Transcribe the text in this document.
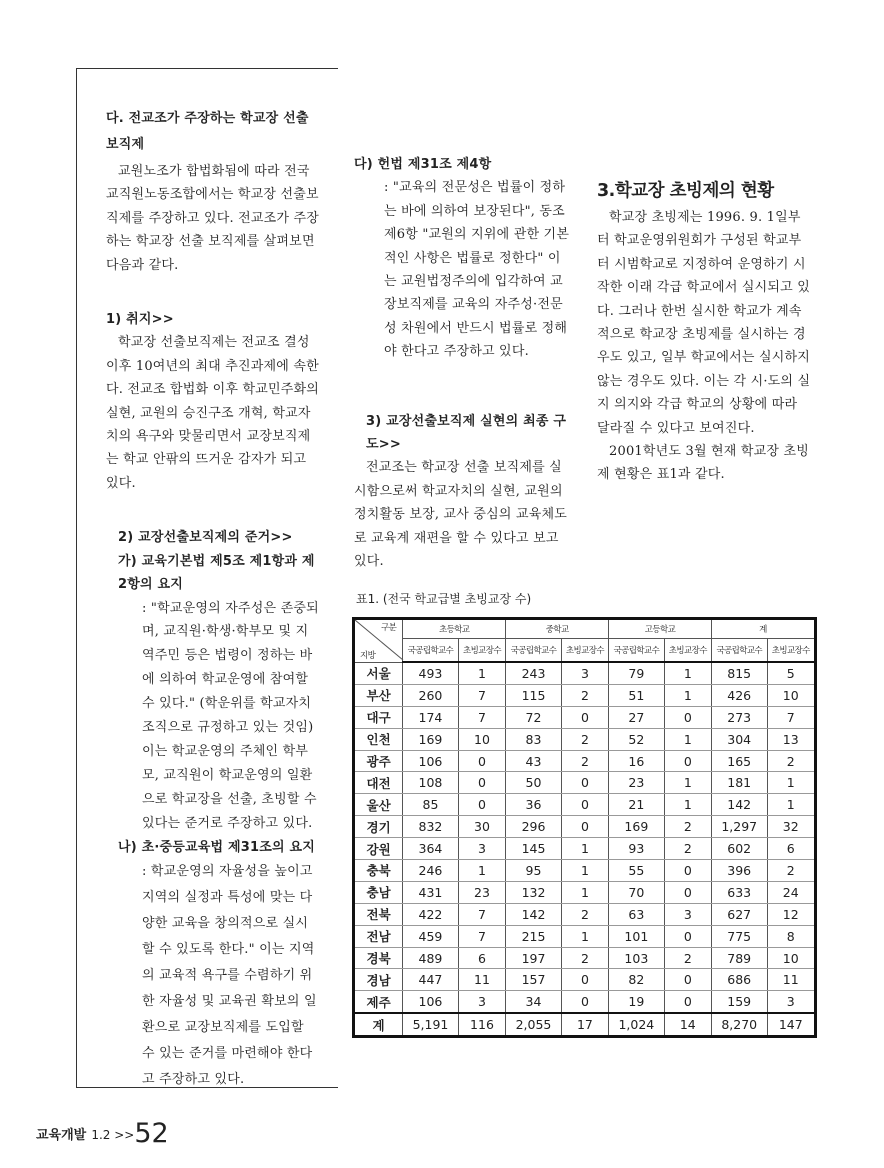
다. 전교조가 주장하는 학교장 선출 보직제

교원노조가 합법화됨에 따라 전국교직원노동조합에서는 학교장 선출보직제를 주장하고 있다. 전교조가 주장하는 학교장 선출 보직제를 살펴보면 다음과 같다.

1) 취지>>

학교장 선출보직제는 전교조 결성 이후 10여년의 최대 추진과제에 속한다. 전교조 합법화 이후 학교민주화의 실현, 교원의 승진구조 개혁, 학교자치의 욕구와 맞물리면서 교장보직제는 학교 안팎의 뜨거운 감자가 되고 있다.

2) 교장선출보직제의 준거>>

가) 교육기본법 제5조 제1항과 제2항의 요지

: "학교운영의 자주성은 존중되며, 교직원·학생·학부모 및 지역주민 등은 법령이 정하는 바에 의하여 학교운영에 참여할 수 있다." (학운위를 학교자치 조직으로 규정하고 있는 것임) 이는 학교운영의 주체인 학부모, 교직원이 학교운영의 일환으로 학교장을 선출, 초빙할 수 있다는 준거로 주장하고 있다.

나) 초·중등교육법 제31조의 요지

: 학교운영의 자율성을 높이고 지역의 실정과 특성에 맞는 다양한 교육을 창의적으로 실시할 수 있도록 한다." 이는 지역의 교육적 욕구를 수렴하기 위한 자율성 및 교육권 확보의 일환으로 교장보직제를 도입할 수 있는 준거를 마련해야 한다고 주장하고 있다.

다) 헌법 제31조 제4항

: "교육의 전문성은 법률이 정하는 바에 의하여 보장된다", 동조 제6항 "교원의 지위에 관한 기본적인 사항은 법률로 정한다" 이는 교원법정주의에 입각하여 교장보직제를 교육의 자주성·전문성 차원에서 반드시 법률로 정해야 한다고 주장하고 있다.

3) 교장선출보직제 실현의 최종 구도>>

전교조는 학교장 선출 보직제를 실시함으로써 학교자치의 실현, 교원의 정치활동 보장, 교사 중심의 교육체도로 교육계 재편을 할 수 있다고 보고 있다.

3.학교장 초빙제의 현황

학교장 초빙제는 1996. 9. 1일부터 학교운영위원회가 구성된 학교부터 시범학교로 지정하여 운영하기 시작한 이래 각급 학교에서 실시되고 있다. 그러나 한번 실시한 학교가 계속적으로 학교장 초빙제를 실시하는 경우도 있고, 일부 학교에서는 실시하지 않는 경우도 있다. 이는 각 시·도의 실지 의지와 각급 학교의 상황에 따라 달라질 수 있다고 보여진다.

2001학년도 3월 현재 학교장 초빙제 현황은 표1과 같다.

표1. (전국 학교급별 초빙교장 수)
구분
지방	초등학교		중학교		고등학교		계	
	국공립학교수	초빙교장수	국공립학교수	초빙교장수	국공립학교수	초빙교장수	국공립학교수	초빙교장수
서울	493	1	243	3	79	1	815	5
부산	260	7	115	2	51	1	426	10
대구	174	7	72	0	27	0	273	7
인천	169	10	83	2	52	1	304	13
광주	106	0	43	2	16	0	165	2
대전	108	0	50	0	23	1	181	1
울산	85	0	36	0	21	1	142	1
경기	832	30	296	0	169	2	1,297	32
강원	364	3	145	1	93	2	602	6
충북	246	1	95	1	55	0	396	2
충남	431	23	132	1	70	0	633	24
전북	422	7	142	2	63	3	627	12
전남	459	7	215	1	101	0	775	8
경북	489	6	197	2	103	2	789	10
경남	447	11	157	0	82	0	686	11
제주	106	3	34	0	19	0	159	3
계	5,191	116	2,055	17	1,024	14	8,270	147
교육개발 1.2 >>52
